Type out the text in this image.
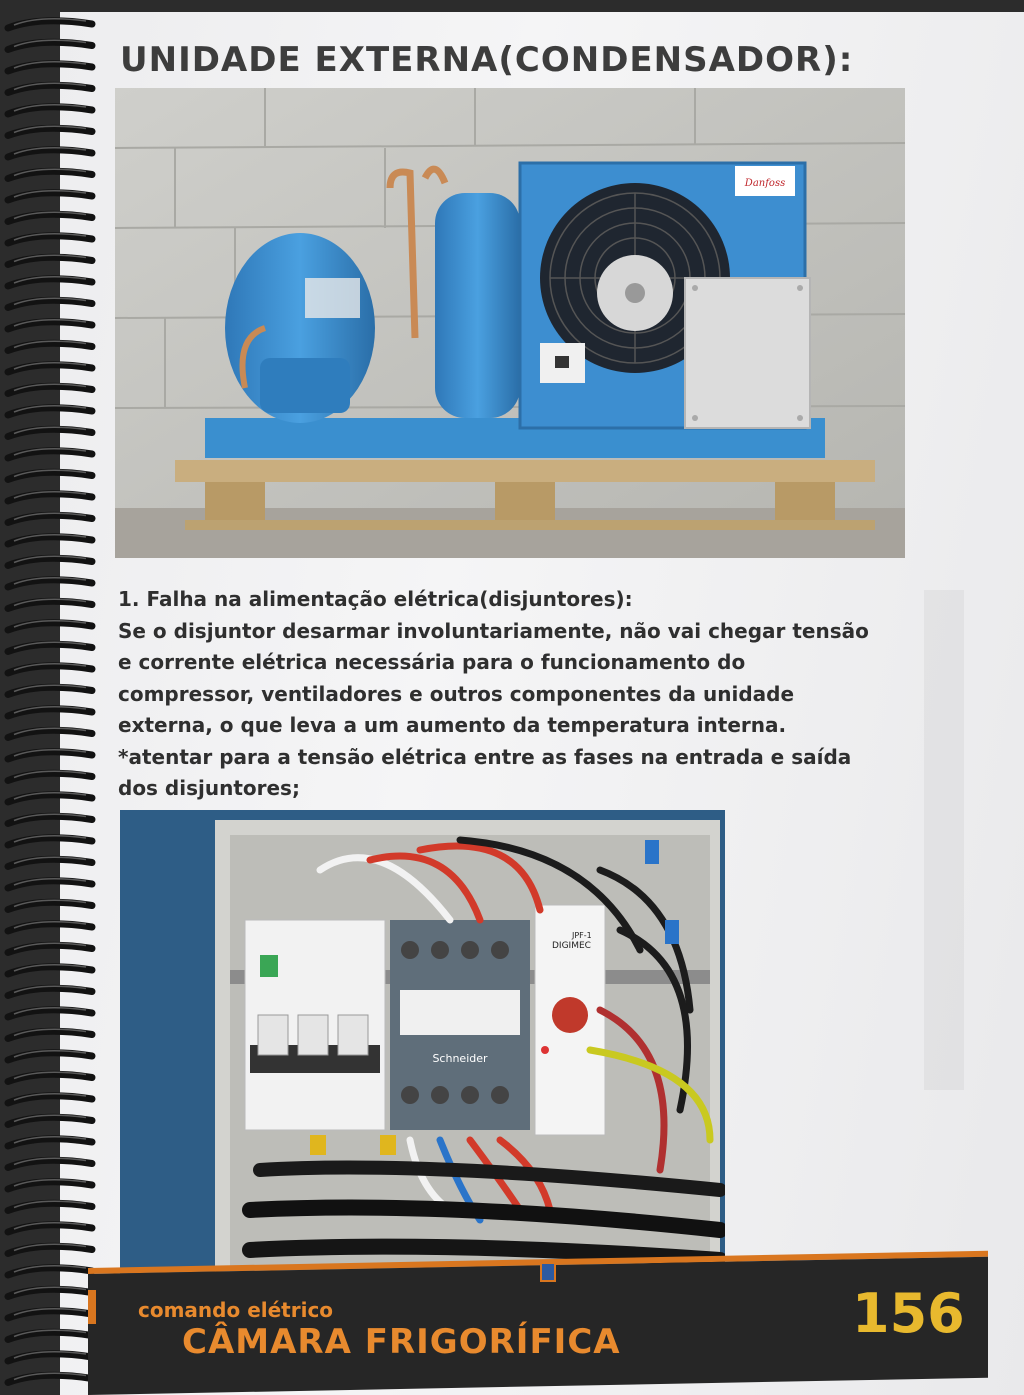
UNIDADE EXTERNA(CONDENSADOR):
Danfoss

1. Falha na alimentação elétrica(disjuntores):

Se o disjuntor desarmar involuntariamente, não vai chegar tensão

e corrente elétrica necessária para o funcionamento do

compressor, ventiladores e outros componentes da unidade

externa, o que leva a um aumento da temperatura interna.

*atentar para a tensão elétrica entre as fases na entrada e saída

dos disjuntores;

Schneider
DIGIMEC
JPF-1
comando elétrico
CÂMARA FRIGORÍFICA	156
